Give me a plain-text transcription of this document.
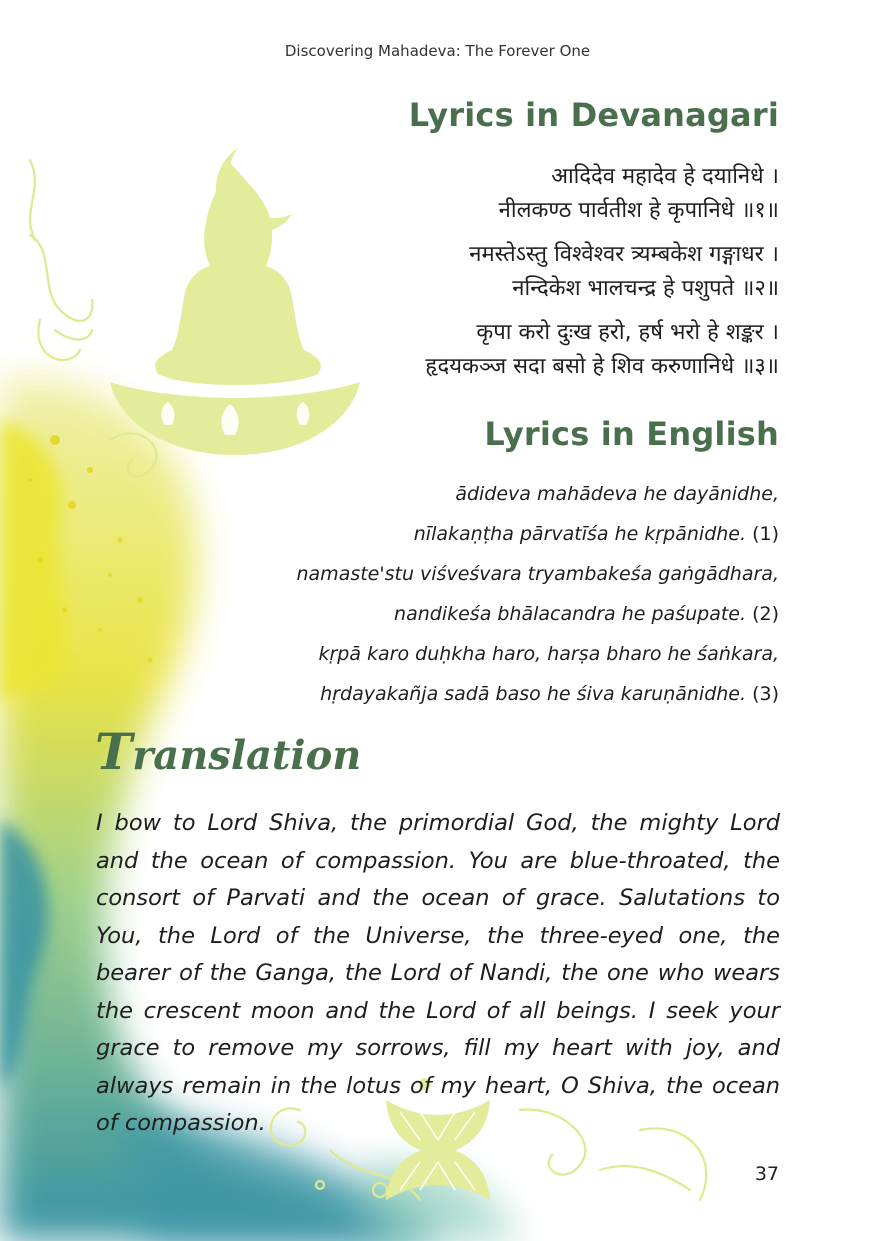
Discovering Mahadeva: The Forever One
Lyrics in Devanagari
आदिदेव महादेव हे दयानिधे ।
नीलकण्ठ पार्वतीश हे कृपानिधे ॥१॥
नमस्तेऽस्तु विश्वेश्वर त्र्यम्बकेश गङ्गाधर ।
नन्दिकेश भालचन्द्र हे पशुपते ॥२॥
कृपा करो दुःख हरो, हर्ष भरो हे शङ्कर ।
हृदयकञ्ज सदा बसो हे शिव करुणानिधे ॥३॥
Lyrics in English
ādideva mahādeva he dayānidhe,
nīlakaṇṭha pārvatīśa he kṛpānidhe. (1)
namaste'stu viśveśvara tryambakeśa gaṅgādhara,
nandikeśa bhālacandra he paśupate. (2)
kṛpā karo duḥkha haro, harṣa bharo he śaṅkara,
hṛdayakañja sadā baso he śiva karuṇānidhe. (3)
Translation

I bow to Lord Shiva, the primordial God, the mighty Lord and the ocean of compassion. You are blue-throated, the consort of Parvati and the ocean of grace. Salutations to You, the Lord of the Universe, the three-eyed one, the bearer of the Ganga, the Lord of Nandi, the one who wears the crescent moon and the Lord of all beings. I seek your grace to remove my sorrows, fill my heart with joy, and always remain in the lotus of my heart, O Shiva, the ocean of compassion.

37
